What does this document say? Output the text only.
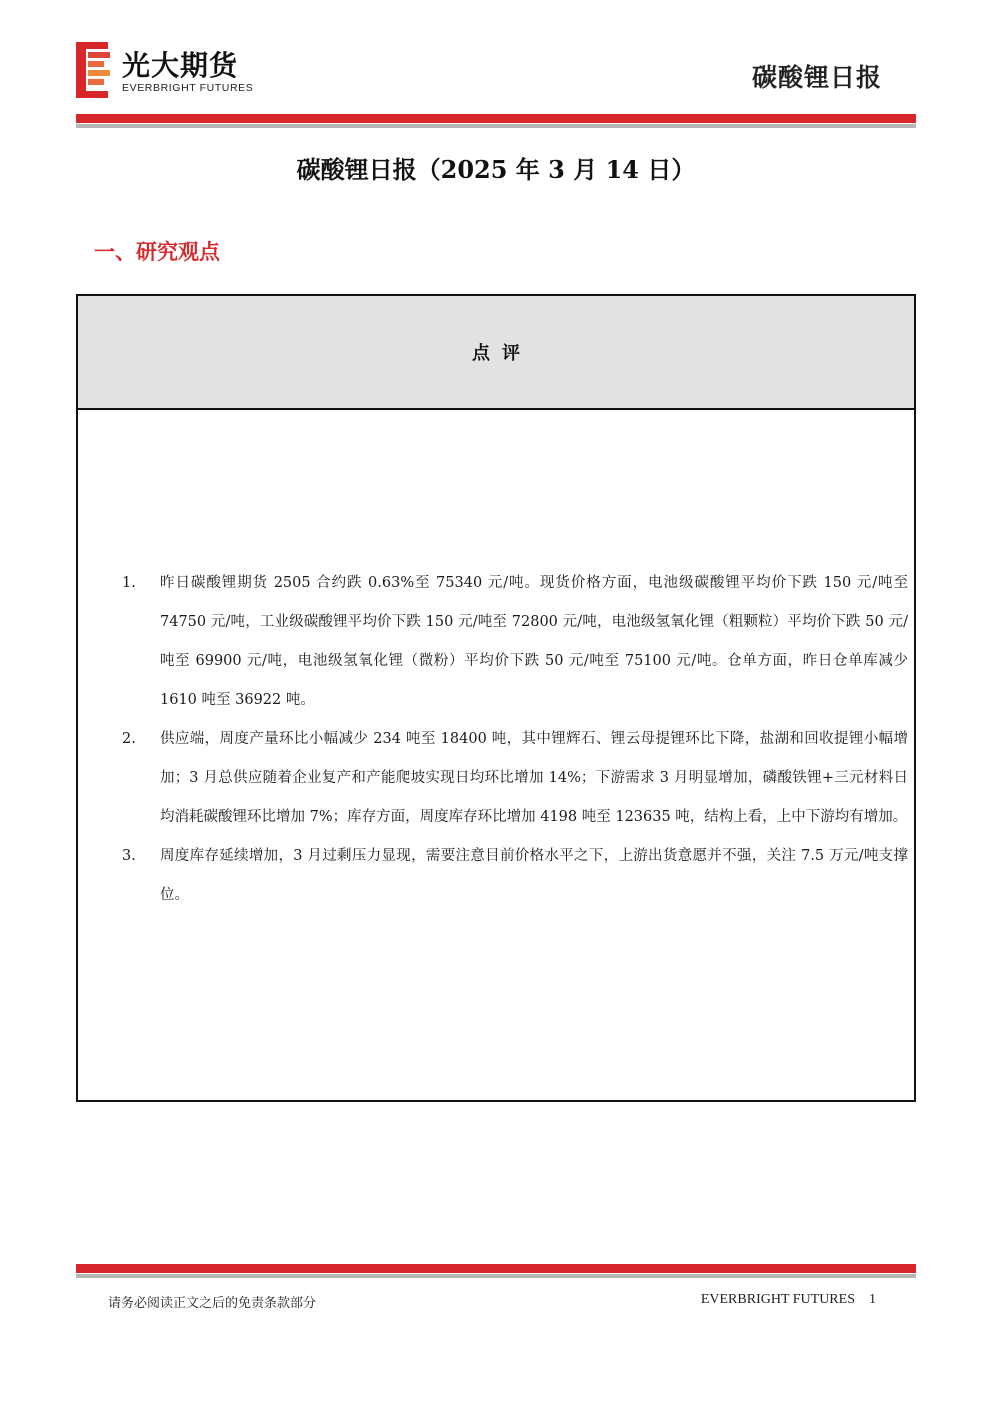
光大期货
EVERBRIGHT FUTURES	碳酸锂日报
碳酸锂日报（2025 年 3 月 14 日）
一、研究观点
点评
1. 昨日碳酸锂期货 2505 合约跌 0.63%至 75340 元/吨。现货价格方面，电池级碳酸锂平均价下跌 150 元/吨至 74750 元/吨，工业级碳酸锂平均价下跌 150 元/吨至 72800 元/吨，电池级氢氧化锂（粗颗粒）平均价下跌 50 元/吨至 69900 元/吨，电池级氢氧化锂（微粉）平均价下跌 50 元/吨至 75100 元/吨。仓单方面，昨日仓单库减少 1610 吨至 36922 吨。
2. 供应端，周度产量环比小幅减少 234 吨至 18400 吨，其中锂辉石、锂云母提锂环比下降，盐湖和回收提锂小幅增加；3 月总供应随着企业复产和产能爬坡实现日均环比增加 14%；下游需求 3 月明显增加，磷酸铁锂+三元材料日均消耗碳酸锂环比增加 7%；库存方面，周度库存环比增加 4198 吨至 123635 吨，结构上看，上中下游均有增加。
3. 周度库存延续增加，3 月过剩压力显现，需要注意目前价格水平之下，上游出货意愿并不强，关注 7.5 万元/吨支撑位。
请务必阅读正文之后的免责条款部分	EVERBRIGHT FUTURES 1
